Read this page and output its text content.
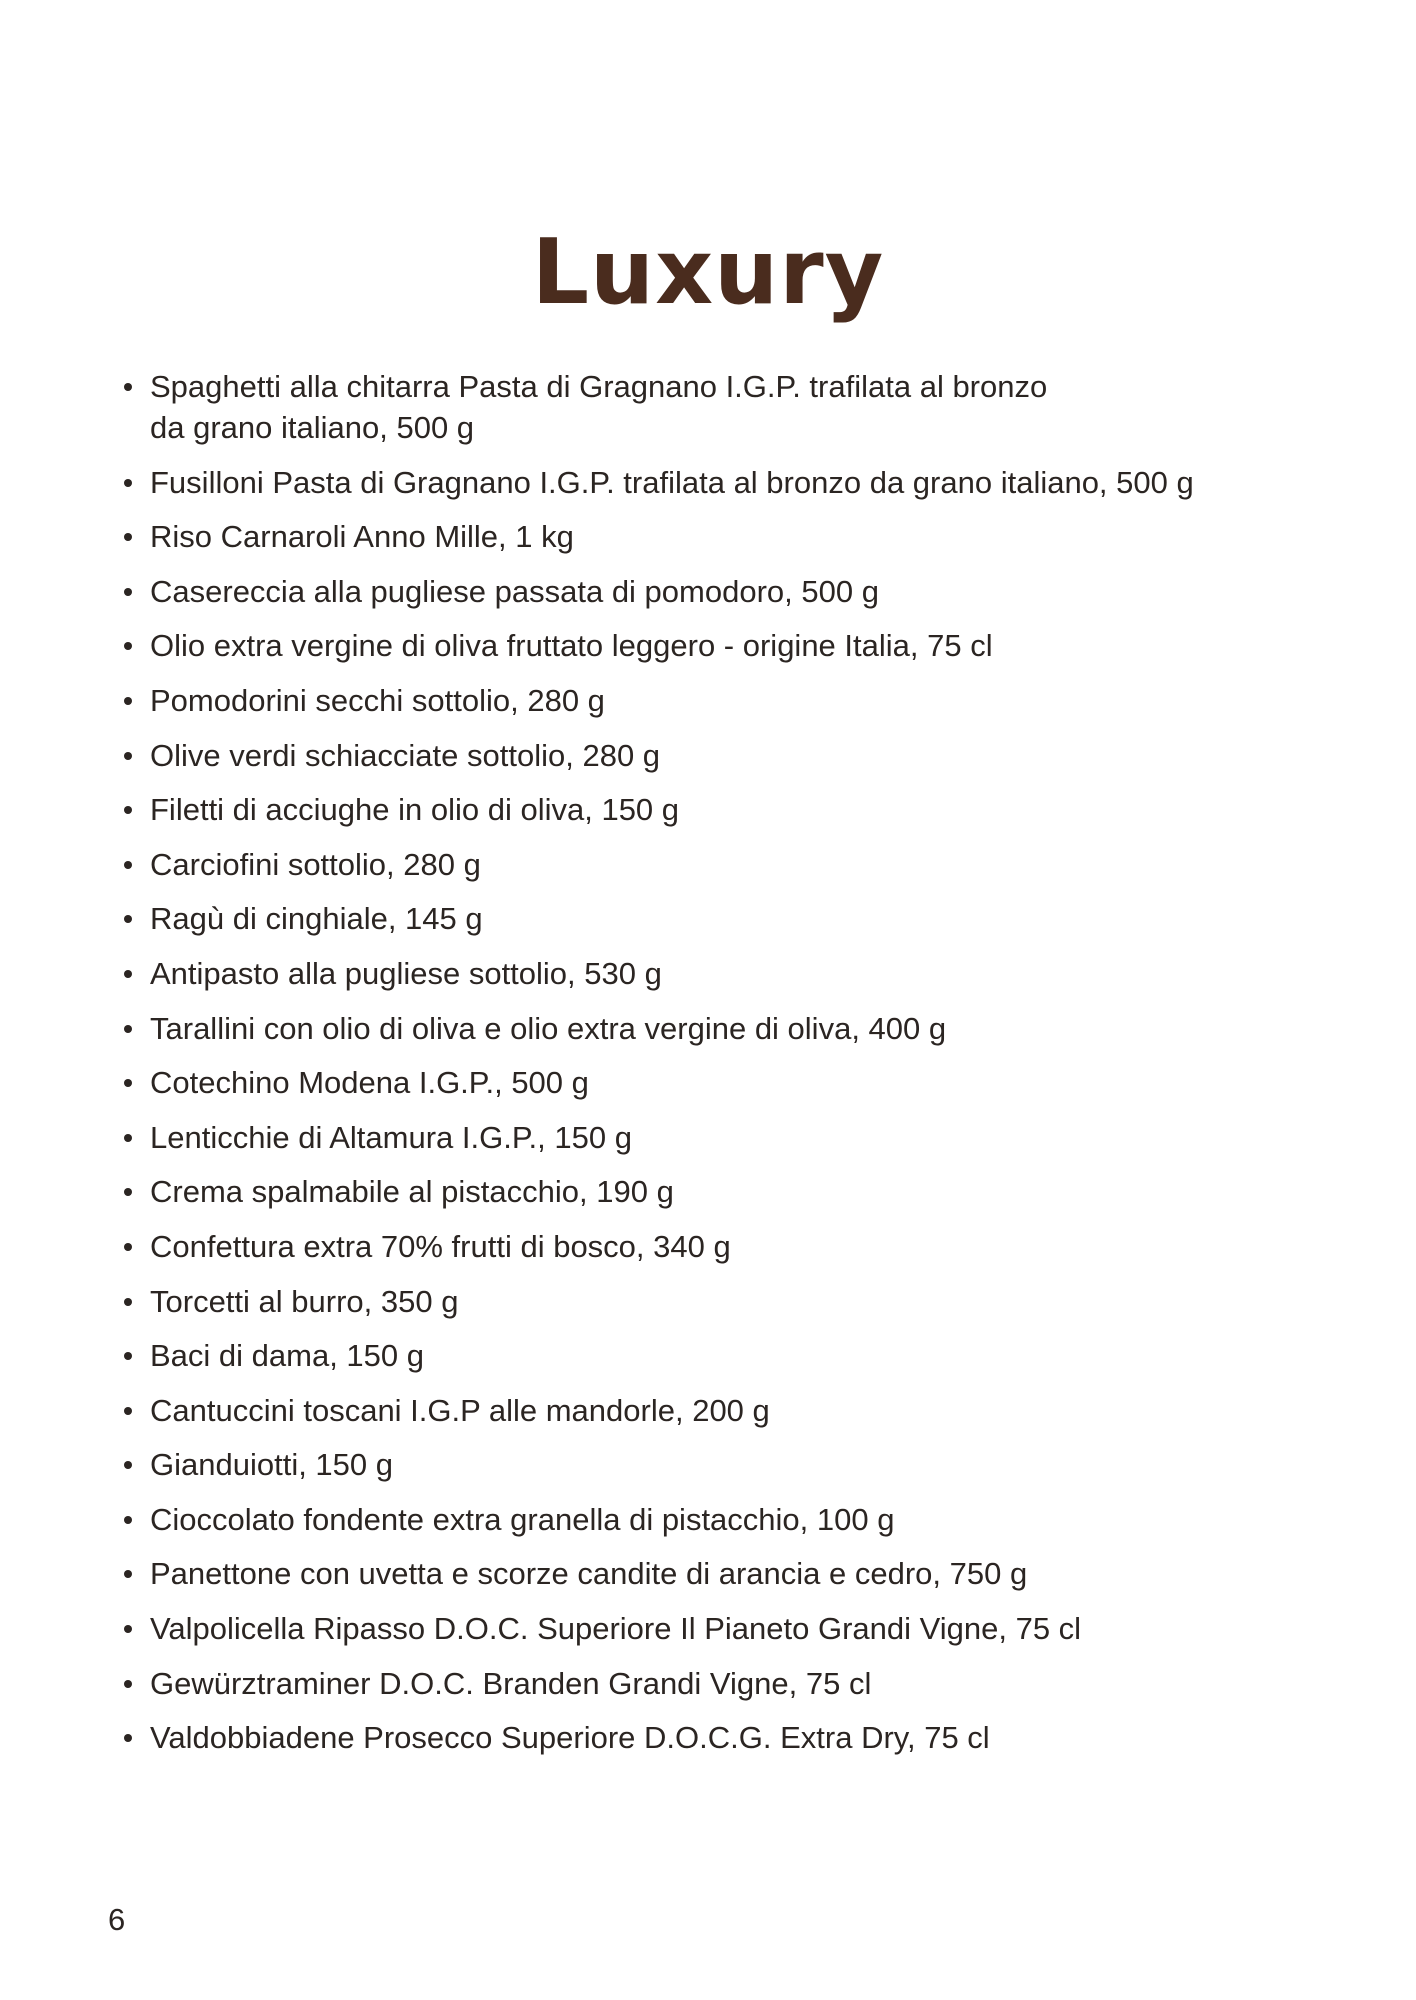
Luxury
Spaghetti alla chitarra Pasta di Gragnano I.G.P. trafilata al bronzo
da grano italiano, 500 g
Fusilloni Pasta di Gragnano I.G.P. trafilata al bronzo da grano italiano, 500 g
Riso Carnaroli Anno Mille, 1 kg
Casereccia alla pugliese passata di pomodoro, 500 g
Olio extra vergine di oliva fruttato leggero - origine Italia, 75 cl
Pomodorini secchi sottolio, 280 g
Olive verdi schiacciate sottolio, 280 g
Filetti di acciughe in olio di oliva, 150 g
Carciofini sottolio, 280 g
Ragù di cinghiale, 145 g
Antipasto alla pugliese sottolio, 530 g
Tarallini con olio di oliva e olio extra vergine di oliva, 400 g
Cotechino Modena I.G.P., 500 g
Lenticchie di Altamura I.G.P., 150 g
Crema spalmabile al pistacchio, 190 g
Confettura extra 70% frutti di bosco, 340 g
Torcetti al burro, 350 g
Baci di dama, 150 g
Cantuccini toscani I.G.P alle mandorle, 200 g
Gianduiotti, 150 g
Cioccolato fondente extra granella di pistacchio, 100 g
Panettone con uvetta e scorze candite di arancia e cedro, 750 g
Valpolicella Ripasso D.O.C. Superiore Il Pianeto Grandi Vigne, 75 cl
Gewürztraminer D.O.C. Branden Grandi Vigne, 75 cl
Valdobbiadene Prosecco Superiore D.O.C.G. Extra Dry, 75 cl
6
